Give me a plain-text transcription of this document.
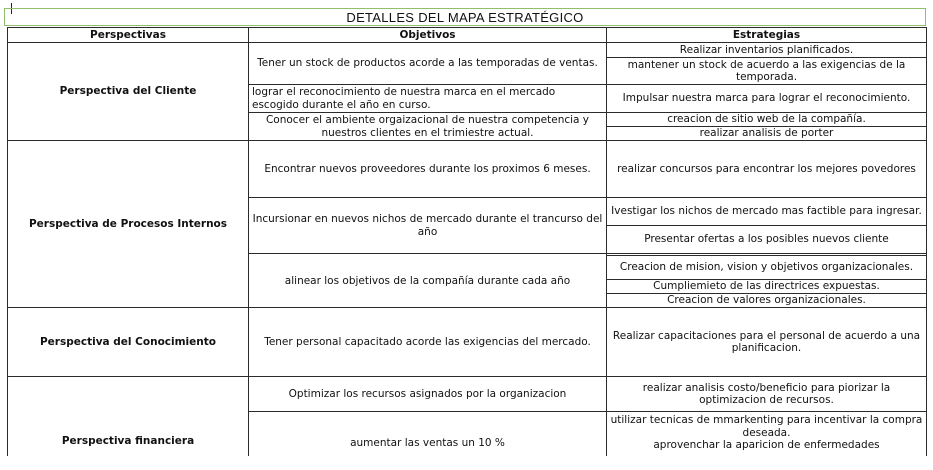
DETALLES DEL MAPA ESTRATÉGICO
Perspectivas	Objetivos	Estrategias
Perspectiva del Cliente	Tener un stock de productos acorde a las temporadas de ventas.	Realizar inventarios planificados.
		mantener un stock de acuerdo a las exigencias de la temporada.
	lograr el reconocimiento de nuestra marca en el mercado escogido durante el año en curso.	Impulsar nuestra marca para lograr el reconocimiento.
	Conocer el ambiente orgaizacional de nuestra competencia y nuestros clientes en el trimiestre actual.	creacion de sitio web de la compañía.
		realizar analisis de porter
Perspectiva de Procesos Internos	Encontrar nuevos proveedores durante los proximos 6 meses.	realizar concursos para encontrar los mejores povedores
	Incursionar en nuevos nichos de mercado durante el trancurso del año	Ivestigar los nichos de mercado mas factible para ingresar.
		Presentar ofertas a los posibles nuevos cliente

	alinear los objetivos de la compañía durante cada año	Creacion de mision, vision y objetivos organizacionales.
		Cumpliemieto de las directrices expuestas.
		Creacion de valores organizacionales.
Perspectiva del Conocimiento	Tener personal capacitado acorde las exigencias del mercado.	Realizar capacitaciones para el personal de acuerdo a una planificacion.
Perspectiva financiera	Optimizar los recursos asignados por la organizacion	realizar analisis costo/beneficio para piorizar la optimizacion de recursos.
	aumentar las ventas un 10 %	utilizar tecnicas de mmarkenting para incentivar la compra deseada.
aprovenchar la aparicion de enfermedades
